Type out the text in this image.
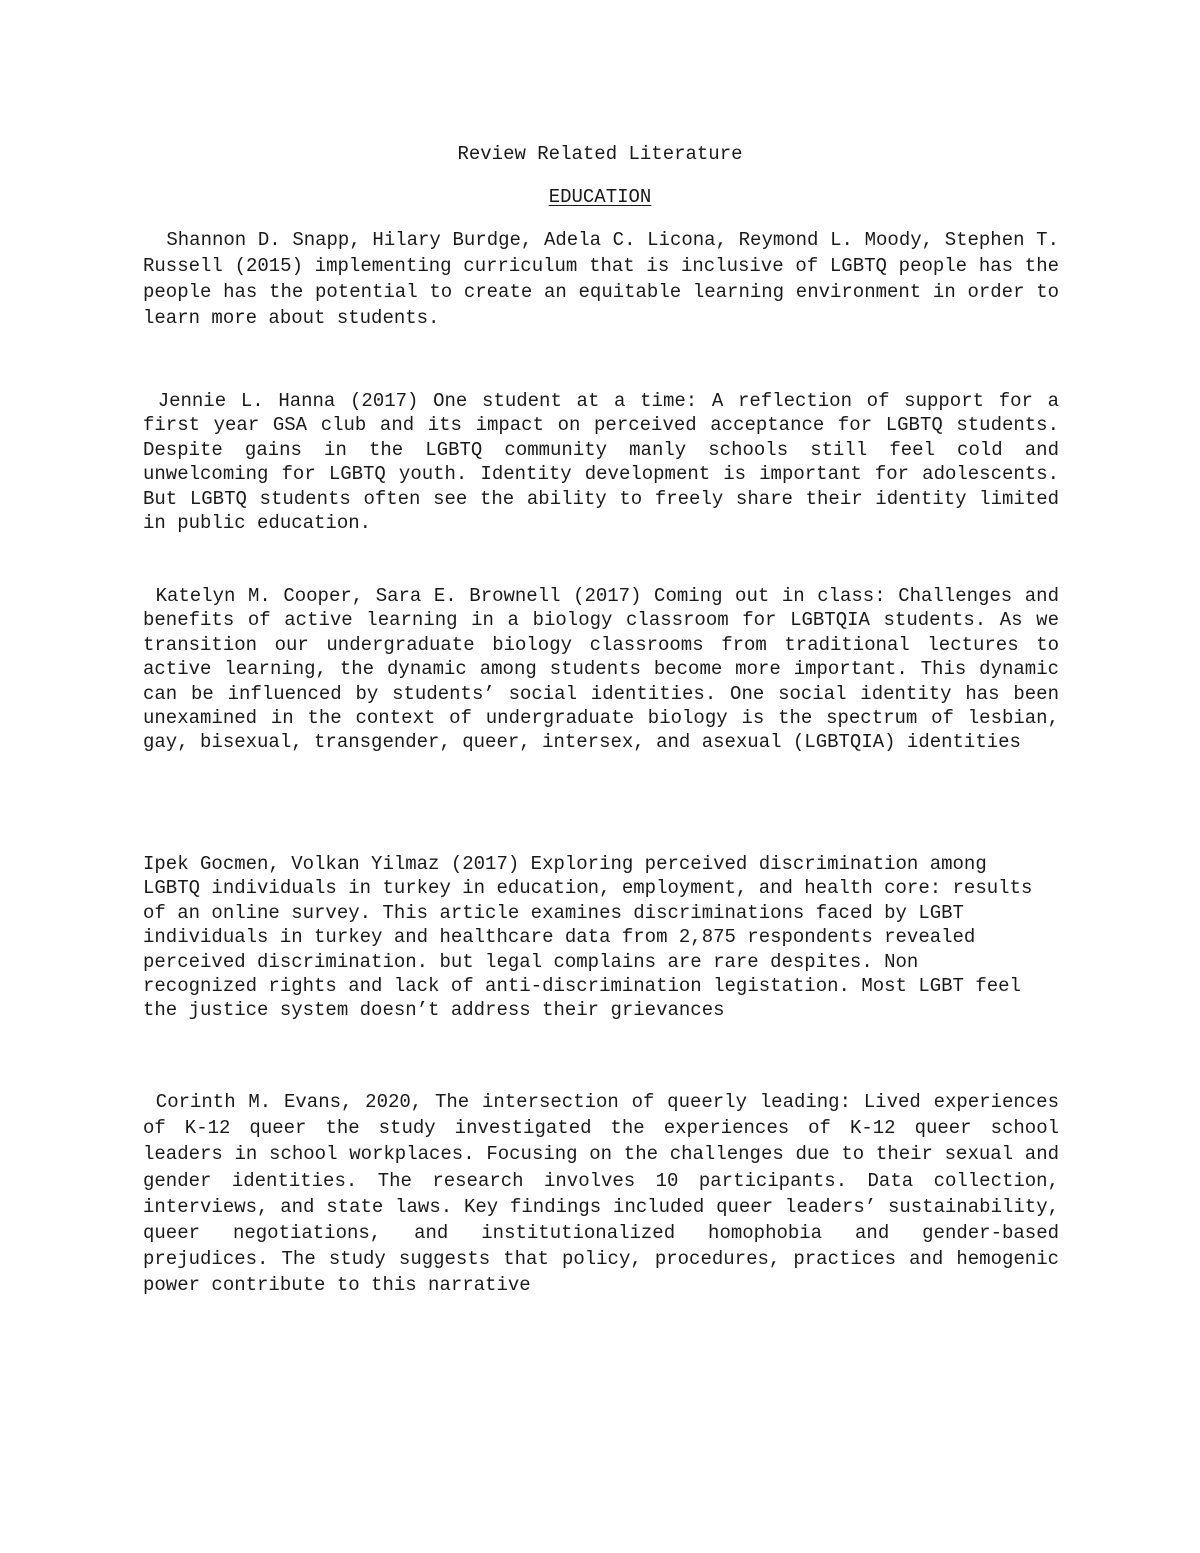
Review Related Literature
EDUCATION
Shannon D. Snapp, Hilary Burdge, Adela C. Licona, Reymond L. Moody, Stephen T. Russell (2015) implementing curriculum that is inclusive of LGBTQ people has the people has the potential to create an equitable learning environment in order to learn more about students.
Jennie L. Hanna (2017) One student at a time: A reflection of support for a first year GSA club and its impact on perceived acceptance for LGBTQ students. Despite gains in the LGBTQ community manly schools still feel cold and unwelcoming for LGBTQ youth. Identity development is important for adolescents. But LGBTQ students often see the ability to freely share their identity limited in public education.
Katelyn M. Cooper, Sara E. Brownell (2017) Coming out in class: Challenges and benefits of active learning in a biology classroom for LGBTQIA students. As we transition our undergraduate biology classrooms from traditional lectures to active learning, the dynamic among students become more important. This dynamic can be influenced by students’ social identities. One social identity has been unexamined in the context of undergraduate biology is the spectrum of lesbian, gay, bisexual, transgender, queer, intersex, and asexual (LGBTQIA) identities
Ipek Gocmen, Volkan Yilmaz (2017) Exploring perceived discrimination among LGBTQ individuals in turkey in education, employment, and health core: results of an online survey. This article examines discriminations faced by LGBT individuals in turkey and healthcare data from 2,875 respondents revealed perceived discrimination. but legal complains are rare despites. Non recognized rights and lack of anti-discrimination legistation. Most LGBT feel the justice system doesn’t address their grievances
Corinth M. Evans, 2020, The intersection of queerly leading: Lived experiences of K-12 queer the study investigated the experiences of K-12 queer school leaders in school workplaces. Focusing on the challenges due to their sexual and gender identities. The research involves 10 participants. Data collection, interviews, and state laws. Key findings included queer leaders’ sustainability, queer negotiations, and institutionalized homophobia and gender-based prejudices. The study suggests that policy, procedures, practices and hemogenic power contribute to this narrative
